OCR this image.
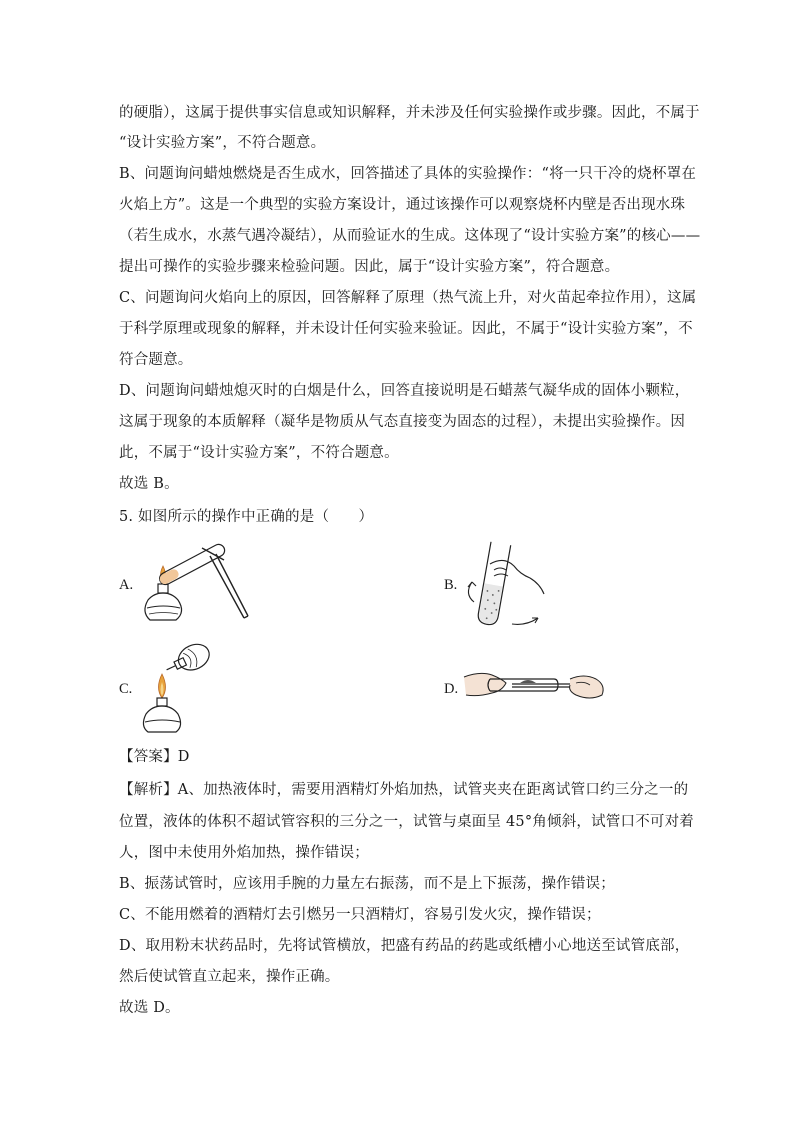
的硬脂），这属于提供事实信息或知识解释，并未涉及任何实验操作或步骤。因此，不属于
“设计实验方案”，不符合题意。
B、问题询问蜡烛燃烧是否生成水，回答描述了具体的实验操作：“将一只干冷的烧杯罩在
火焰上方”。这是一个典型的实验方案设计，通过该操作可以观察烧杯内壁是否出现水珠
（若生成水，水蒸气遇冷凝结），从而验证水的生成。这体现了“设计实验方案”的核心——
提出可操作的实验步骤来检验问题。因此，属于“设计实验方案”，符合题意。
C、问题询问火焰向上的原因，回答解释了原理（热气流上升，对火苗起牵拉作用），这属
于科学原理或现象的解释，并未设计任何实验来验证。因此，不属于“设计实验方案”，不
符合题意。
D、问题询问蜡烛熄灭时的白烟是什么，回答直接说明是石蜡蒸气凝华成的固体小颗粒，
这属于现象的本质解释（凝华是物质从气态直接变为固态的过程），未提出实验操作。因
此，不属于“设计实验方案”，不符合题意。
故选 B。
5. 如图所示的操作中正确的是（　　）
A.	B.
C.	D.
【答案】D
【解析】A、加热液体时，需要用酒精灯外焰加热，试管夹夹在距离试管口约三分之一的
位置，液体的体积不超试管容积的三分之一，试管与桌面呈 45°角倾斜，试管口不可对着
人，图中未使用外焰加热，操作错误；
B、振荡试管时，应该用手腕的力量左右振荡，而不是上下振荡，操作错误；
C、不能用燃着的酒精灯去引燃另一只酒精灯，容易引发火灾，操作错误；
D、取用粉末状药品时，先将试管横放，把盛有药品的药匙或纸槽小心地送至试管底部，
然后使试管直立起来，操作正确。
故选 D。
